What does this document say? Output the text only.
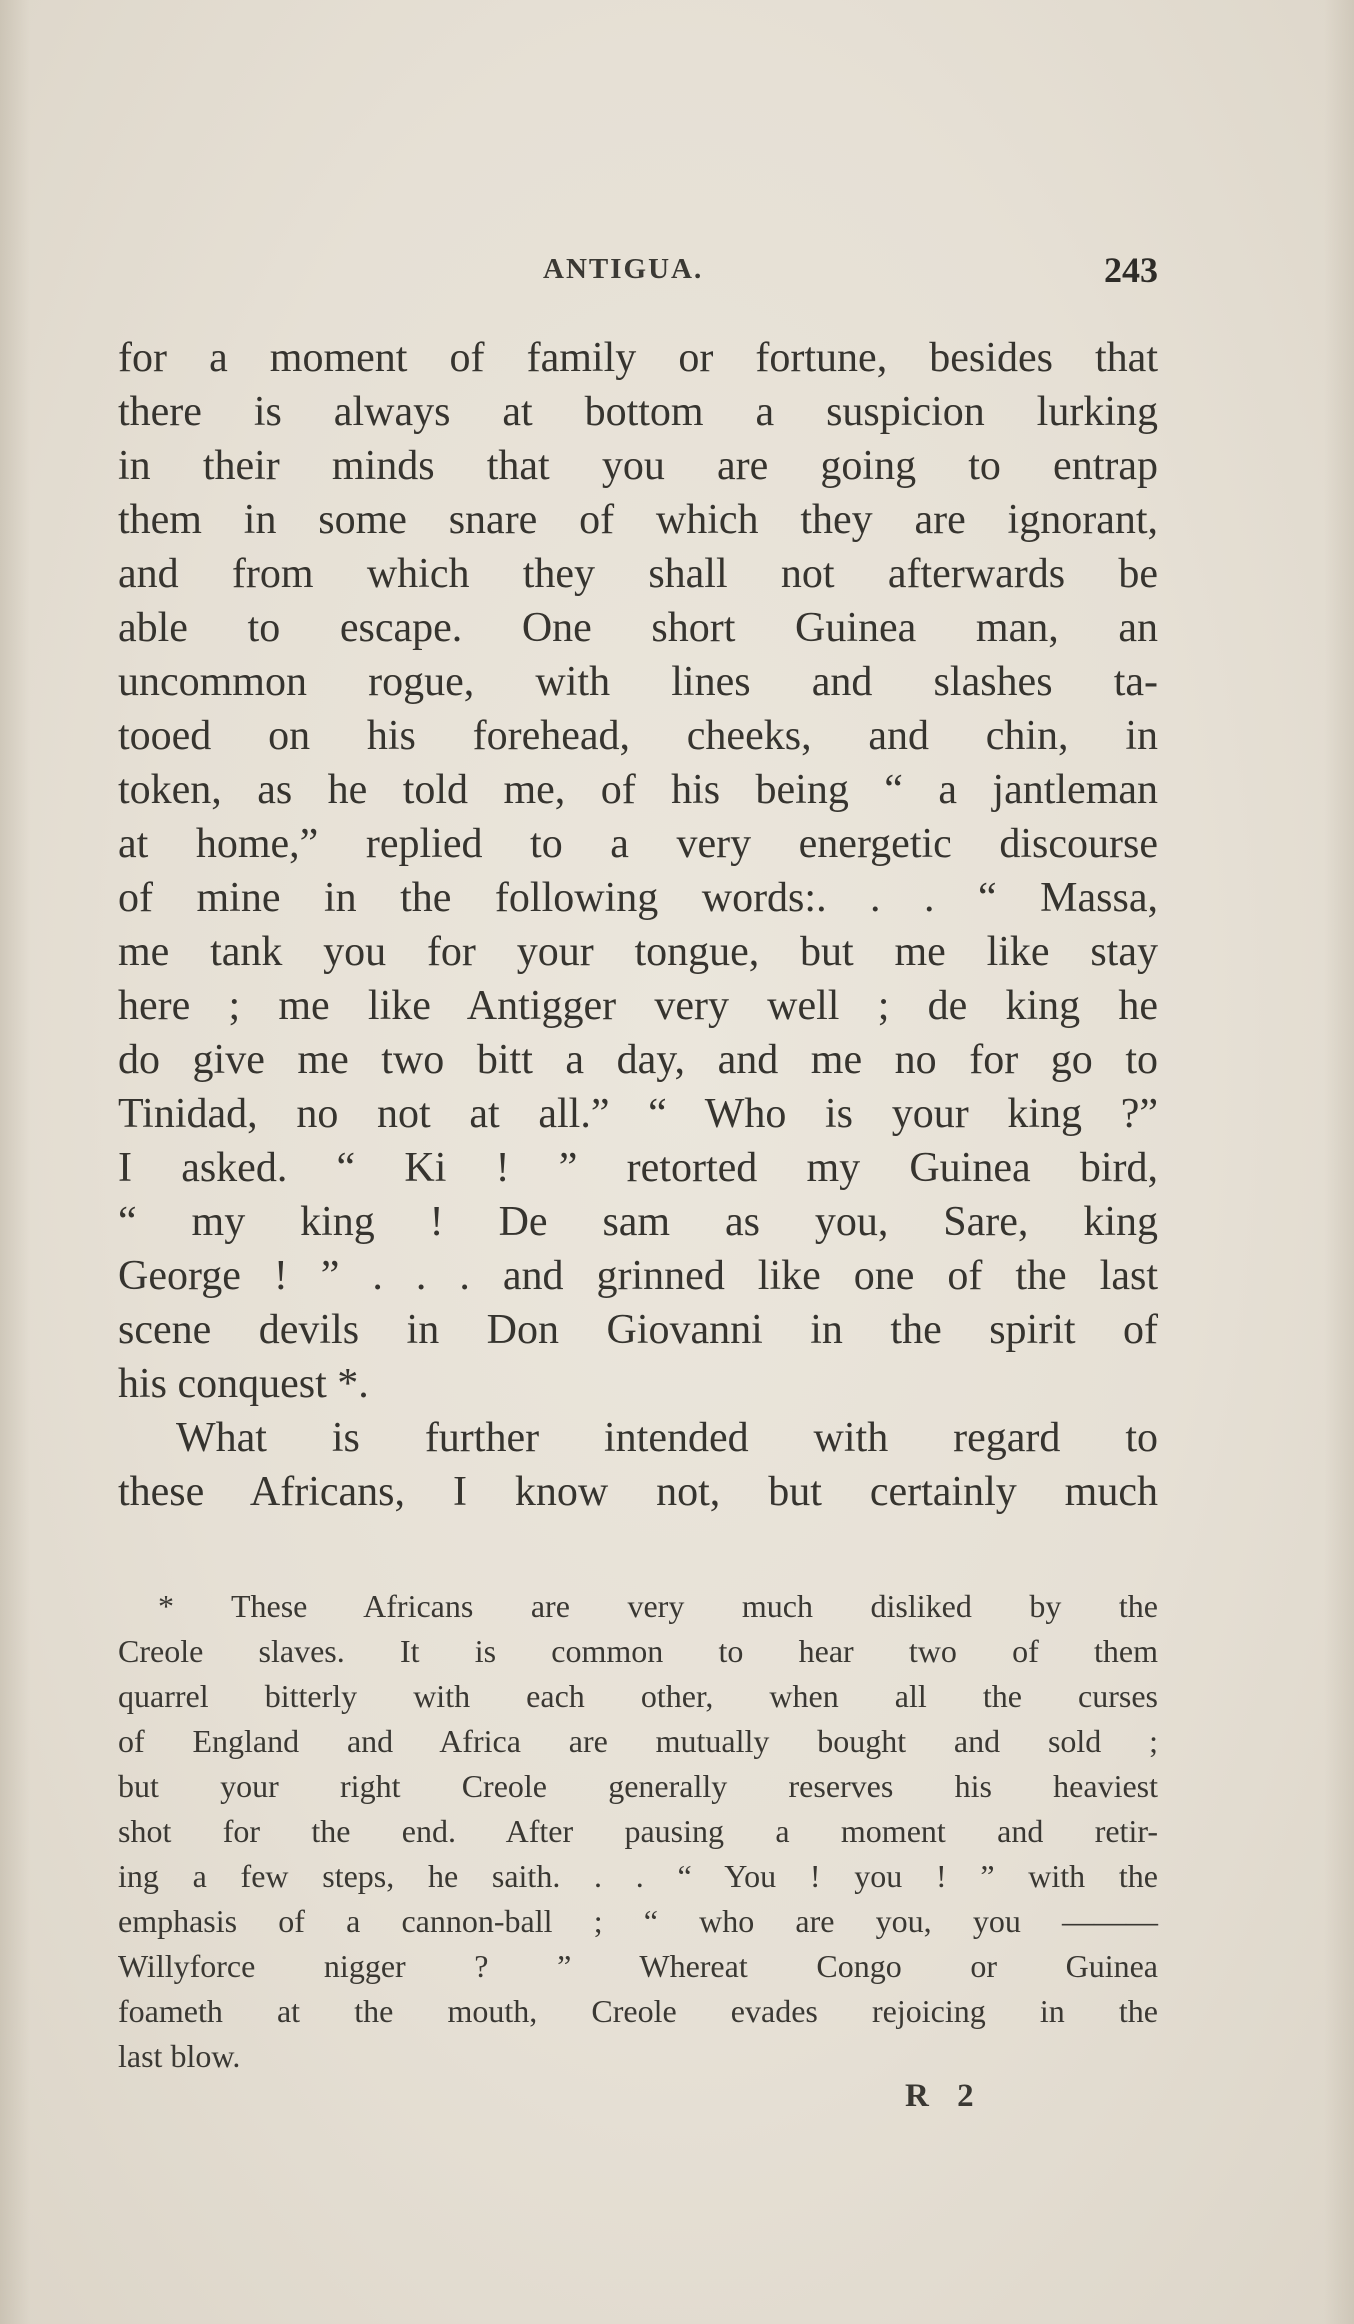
ANTIGUA.	243
for a moment of family or fortune, besides that
there is always at bottom a suspicion lurking
in their minds that you are going to entrap
them in some snare of which they are ignorant,
and from which they shall not afterwards be
able to escape. One short Guinea man, an
uncommon rogue, with lines and slashes ta-
tooed on his forehead, cheeks, and chin, in
token, as he told me, of his being “ a jantleman
at home,” replied to a very energetic discourse
of mine in the following words:. . . “ Massa,
me tank you for your tongue, but me like stay
here ; me like Antigger very well ; de king he
do give me two bitt a day, and me no for go to
Tinidad, no not at all.” “ Who is your king ?”
I asked. “ Ki ! ” retorted my Guinea bird,
“ my king ! De sam as you, Sare, king
George ! ” . . . and grinned like one of the last
scene devils in Don Giovanni in the spirit of
his conquest *.
What is further intended with regard to
these Africans, I know not, but certainly much
* These Africans are very much disliked by the
Creole slaves. It is common to hear two of them
quarrel bitterly with each other, when all the curses
of England and Africa are mutually bought and sold ;
but your right Creole generally reserves his heaviest
shot for the end. After pausing a moment and retir-
ing a few steps, he saith. . . “ You ! you ! ” with the
emphasis of a cannon-ball ; “ who are you, you ———
Willyforce nigger ? ” Whereat Congo or Guinea
foameth at the mouth, Creole evades rejoicing in the
last blow.
R 2
